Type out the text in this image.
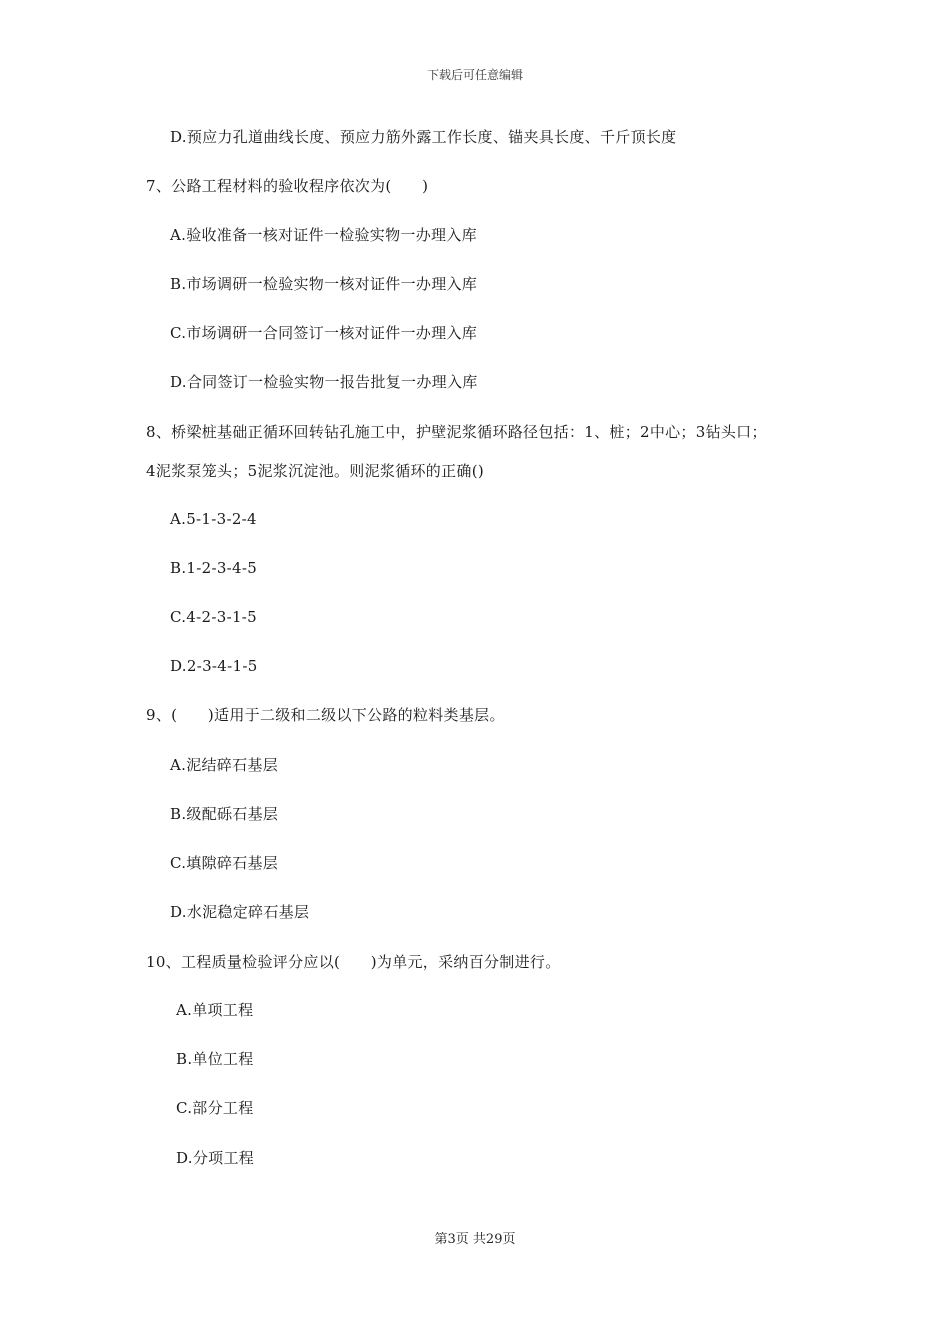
下载后可任意编辑
D.预应力孔道曲线长度、预应力筋外露工作长度、锚夹具长度、千斤顶长度
7、公路工程材料的验收程序依次为(　　)
A.验收准备一核对证件一检验实物一办理入库
B.市场调研一检验实物一核对证件一办理入库
C.市场调研一合同签订一核对证件一办理入库
D.合同签订一检验实物一报告批复一办理入库
8、桥梁桩基础正循环回转钻孔施工中，护壁泥浆循环路径包括：1、桩；2中心；3钻头口；
4泥浆泵笼头；5泥浆沉淀池。则泥浆循环的正确()
A.5-1-3-2-4
B.1-2-3-4-5
C.4-2-3-1-5
D.2-3-4-1-5
9、(　　)适用于二级和二级以下公路的粒料类基层。
A.泥结碎石基层
B.级配砾石基层
C.填隙碎石基层
D.水泥稳定碎石基层
10、工程质量检验评分应以(　　)为单元，采纳百分制进行。
A.单项工程
B.单位工程
C.部分工程
D.分项工程
第3页 共29页
